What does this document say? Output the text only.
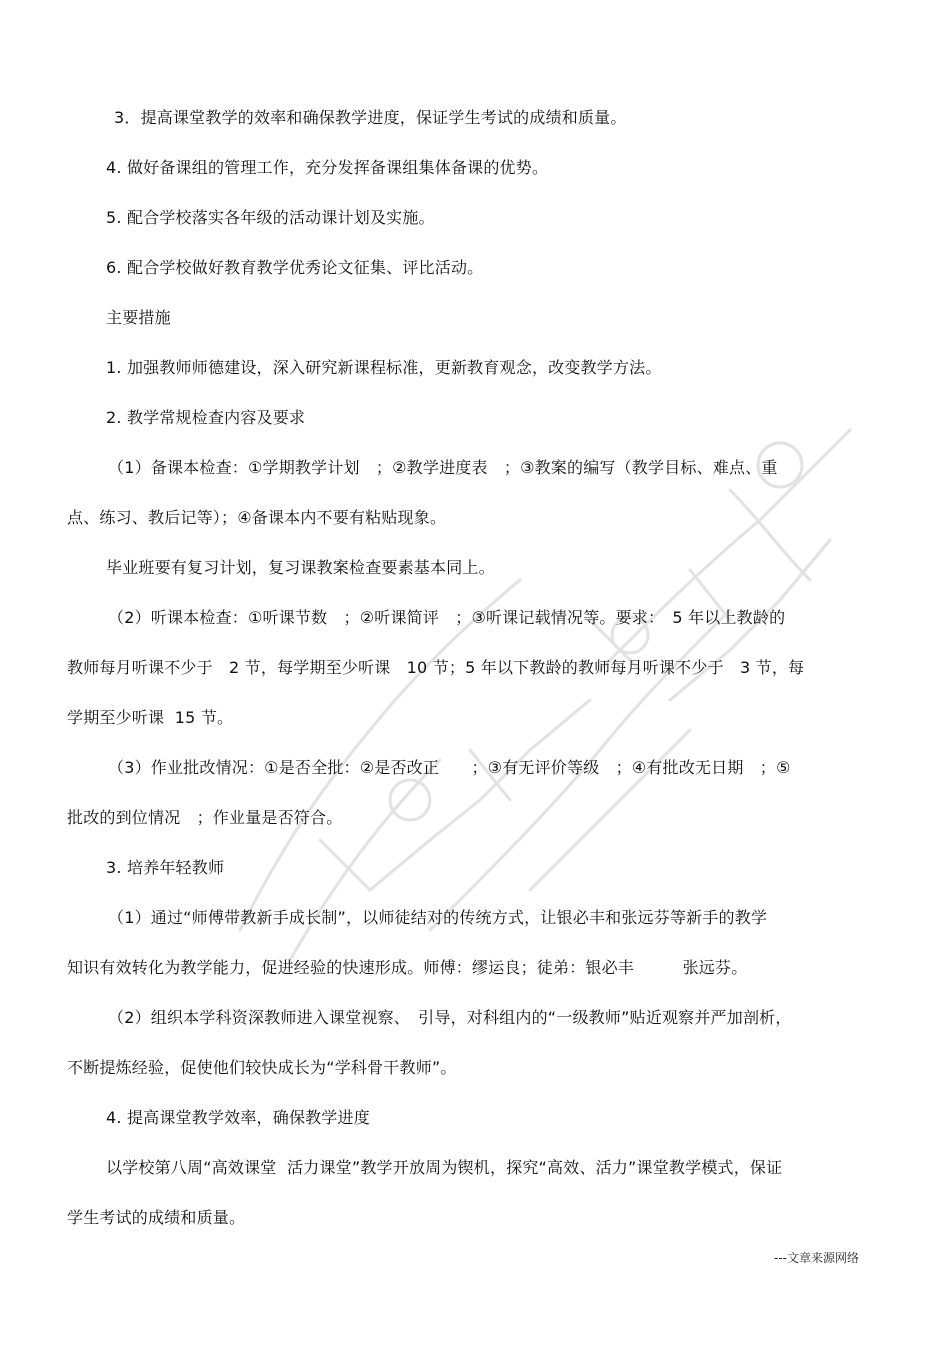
3．提高课堂教学的效率和确保教学进度，保证学生考试的成绩和质量。
4. 做好备课组的管理工作，充分发挥备课组集体备课的优势。
5. 配合学校落实各年级的活动课计划及实施。
6. 配合学校做好教育教学优秀论文征集、评比活动。
主要措施
1. 加强教师师德建设，深入研究新课程标准，更新教育观念，改变教学方法。
2. 教学常规检查内容及要求
（1）备课本检查：①学期教学计划　；②教学进度表　；③教案的编写（教学目标、难点、重
点、练习、教后记等）；④备课本内不要有粘贴现象。
毕业班要有复习计划，复习课教案检查要素基本同上。
（2）听课本检查：①听课节数　；②听课简评　；③听课记载情况等。要求：　5 年以上教龄的
教师每月听课不少于　2 节，每学期至少听课　10 节；5 年以下教龄的教师每月听课不少于　3 节，每
学期至少听课  15 节。
（3）作业批改情况：①是否全批：②是否改正　　；③有无评价等级　；④有批改无日期　；⑤
批改的到位情况　；作业量是否符合。
3. 培养年轻教师
（1）通过“师傅带教新手成长制”，以师徒结对的传统方式，让银必丰和张远芬等新手的教学
知识有效转化为教学能力，促进经验的快速形成。师傅：缪运良；徒弟：银必丰　　　张远芬。
（2）组织本学科资深教师进入课堂视察、　引导，对科组内的“一级教师”贴近观察并严加剖析，
不断提炼经验，促使他们较快成长为“学科骨干教师”。
4. 提高课堂教学效率，确保教学进度
以学校第八周“高效课堂  活力课堂”教学开放周为锲机，探究“高效、活力”课堂教学模式，保证
学生考试的成绩和质量。
---文章来源网络
